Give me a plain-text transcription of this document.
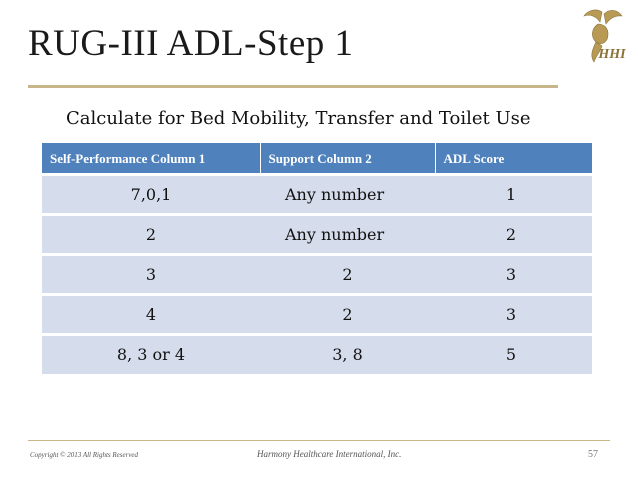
RUG-III ADL-Step 1	HHI
Calculate for Bed Mobility, Transfer and Toilet Use
Self-Performance Column 1	Support Column 2	ADL Score
7,0,1	Any number	1
2	Any number	2
3	2	3
4	2	3
8, 3 or 4	3, 8	5
Copyright © 2013 All Rights Reserved	Harmony Healthcare International, Inc.	57
